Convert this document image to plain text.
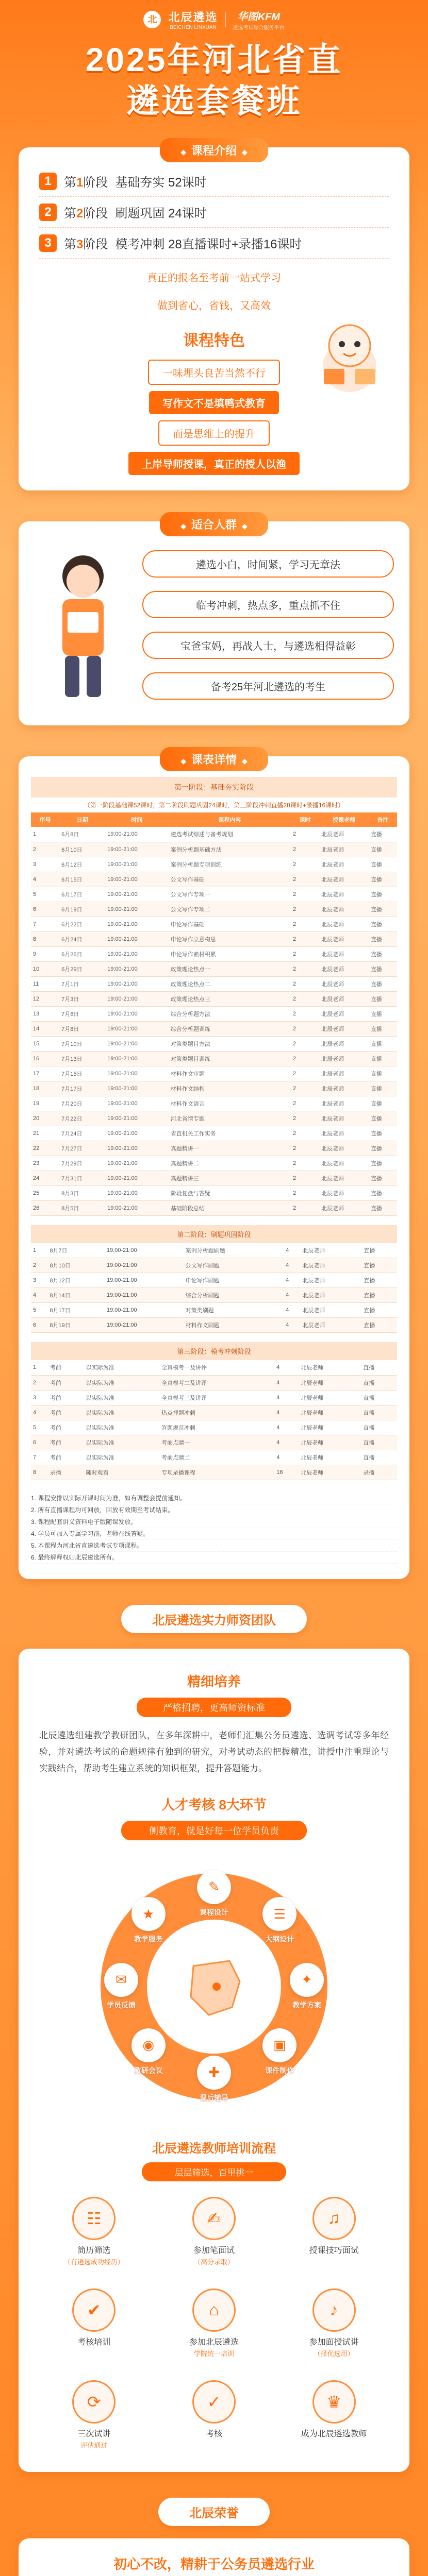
北	北辰遴选
BEICHEN LINXUAN
华图KFM
遴选考试综合服务平台
2025年河北省直
遴选套餐班
◆ 课程介绍 ◆
1	第1阶段 基础夯实 52课时
2	第2阶段 刷题巩固 24课时
3	第3阶段 模考冲刺 28直播课时+录播16课时
真正的报名至考前一站式学习
做到省心，省钱，又高效
课程特色
一味埋头良苦当然不行
写作文不是填鸭式教育
而是思维上的提升
上岸导师授课，真正的授人以渔
◆ 适合人群 ◆
遴选小白，时间紧，学习无章法
临考冲刺，热点多，重点抓不住
宝爸宝妈，再战人士，与遴选相得益彰
备考25年河北遴选的考生
◆ 课表详情 ◆
第一阶段：基础夯实阶段
（第一阶段基础课52课时，第二阶段刷题巩固24课时，第三阶段冲刺直播28课时+录播16课时）
序号	日期	时间	课程内容	课时	授课老师	备注
1	6月8日	19:00-21:00	遴选考试综述与备考规划	2	北辰老师	直播
2	6月10日	19:00-21:00	案例分析题基础方法	2	北辰老师	直播
3	6月12日	19:00-21:00	案例分析题专项训练	2	北辰老师	直播
4	6月15日	19:00-21:00	公文写作基础	2	北辰老师	直播
5	6月17日	19:00-21:00	公文写作专项一	2	北辰老师	直播
6	6月19日	19:00-21:00	公文写作专项二	2	北辰老师	直播
7	6月22日	19:00-21:00	申论写作基础	2	北辰老师	直播
8	6月24日	19:00-21:00	申论写作立意构思	2	北辰老师	直播
9	6月26日	19:00-21:00	申论写作素材积累	2	北辰老师	直播
10	6月29日	19:00-21:00	政策理论热点一	2	北辰老师	直播
11	7月1日	19:00-21:00	政策理论热点二	2	北辰老师	直播
12	7月3日	19:00-21:00	政策理论热点三	2	北辰老师	直播
13	7月6日	19:00-21:00	综合分析题方法	2	北辰老师	直播
14	7月8日	19:00-21:00	综合分析题训练	2	北辰老师	直播
15	7月10日	19:00-21:00	对策类题目方法	2	北辰老师	直播
16	7月13日	19:00-21:00	对策类题目训练	2	北辰老师	直播
17	7月15日	19:00-21:00	材料作文审题	2	北辰老师	直播
18	7月17日	19:00-21:00	材料作文结构	2	北辰老师	直播
19	7月20日	19:00-21:00	材料作文语言	2	北辰老师	直播
20	7月22日	19:00-21:00	河北省情专题	2	北辰老师	直播
21	7月24日	19:00-21:00	省直机关工作实务	2	北辰老师	直播
22	7月27日	19:00-21:00	真题精讲一	2	北辰老师	直播
23	7月29日	19:00-21:00	真题精讲二	2	北辰老师	直播
24	7月31日	19:00-21:00	真题精讲三	2	北辰老师	直播
25	8月3日	19:00-21:00	阶段复盘与答疑	2	北辰老师	直播
26	8月5日	19:00-21:00	基础阶段总结	2	北辰老师	直播
第二阶段：刷题巩固阶段
1	8月7日	19:00-21:00	案例分析题刷题	4	北辰老师	直播
2	8月10日	19:00-21:00	公文写作刷题	4	北辰老师	直播
3	8月12日	19:00-21:00	申论写作刷题	4	北辰老师	直播
4	8月14日	19:00-21:00	综合分析刷题	4	北辰老师	直播
5	8月17日	19:00-21:00	对策类刷题	4	北辰老师	直播
6	8月19日	19:00-21:00	材料作文刷题	4	北辰老师	直播
第三阶段：模考冲刺阶段
1	考前	以实际为准	全真模考一及讲评	4	北辰老师	直播
2	考前	以实际为准	全真模考二及讲评	4	北辰老师	直播
3	考前	以实际为准	全真模考三及讲评	4	北辰老师	直播
4	考前	以实际为准	热点押题冲刺	4	北辰老师	直播
5	考前	以实际为准	答题规范冲刺	4	北辰老师	直播
6	考前	以实际为准	考前点睛一	4	北辰老师	直播
7	考前	以实际为准	考前点睛二	4	北辰老师	直播
8	录播	随时观看	专项录播课程	16	北辰老师	录播

1. 课程安排以实际开课时间为准，如有调整会提前通知。

2. 所有直播课程均可回放，回放有效期至考试结束。

3. 课程配套讲义资料电子版随课发放。

4. 学员可加入专属学习群，老师在线答疑。

5. 本课程为河北省直遴选考试专项课程。

6. 最终解释权归北辰遴选所有。

北辰遴选实力师资团队
精细培养
严格招聘，更高师资标准
北辰遴选组建教学教研团队，在多年深耕中，老师们汇集公务员遴选、选调考试等多年经验，并对遴选考试的命题规律有独到的研究，对考试动态的把握精准，讲授中注重理论与实践结合，帮助考生建立系统的知识框架，提升答题能力。
人才考核 8大环节
侧教育，就是好每一位学员负责
✎
课程设计	☰
大纲设计
✦
教学方案
▣
课件制作
✚
课后辅导
◉
教研会议
✉
学员反馈
★
教学服务
北辰遴选教师培训流程
层层筛选，百里挑一
☷
简历筛选
（有遴选成功经历）
✍
参加笔面试
（高分录取）
♫
授课技巧面试
✔
考核培训
⌂
参加北辰遴选
学院统一培训
♪
参加面授试讲
（择优选用）
⟳
三次试讲
评估通过
✓
考核
♛
成为北辰遴选教师
北辰荣誉
初心不改，精耕于公务员遴选行业
